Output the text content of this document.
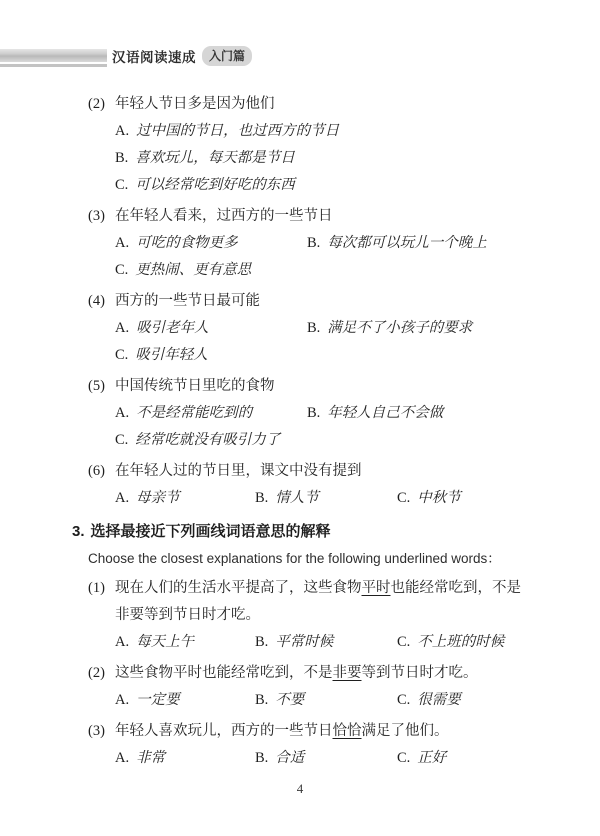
汉语阅读速成	入门篇
(2) 年轻人节日多是因为他们
A. 过中国的节日，也过西方的节日
B. 喜欢玩儿，每天都是节日
C. 可以经常吃到好吃的东西
(3) 在年轻人看来，过西方的一些节日
A. 可吃的食物更多	B. 每次都可以玩儿一个晚上
C. 更热闹、更有意思
(4) 西方的一些节日最可能
A. 吸引老年人	B. 满足不了小孩子的要求
C. 吸引年轻人
(5) 中国传统节日里吃的食物
A. 不是经常能吃到的	B. 年轻人自己不会做
C. 经常吃就没有吸引力了
(6) 在年轻人过的节日里，课文中没有提到
A. 母亲节	B. 情人节	C. 中秋节
3. 选择最接近下列画线词语意思的解释
Choose the closest explanations for the following underlined words：
(1) 现在人们的生活水平提高了，这些食物平时也能经常吃到，不是非要等到节日时才吃。
A. 每天上午	B. 平常时候	C. 不上班的时候
(2) 这些食物平时也能经常吃到，不是非要等到节日时才吃。
A. 一定要	B. 不要	C. 很需要
(3) 年轻人喜欢玩儿，西方的一些节日恰恰满足了他们。
A. 非常	B. 合适	C. 正好
4
